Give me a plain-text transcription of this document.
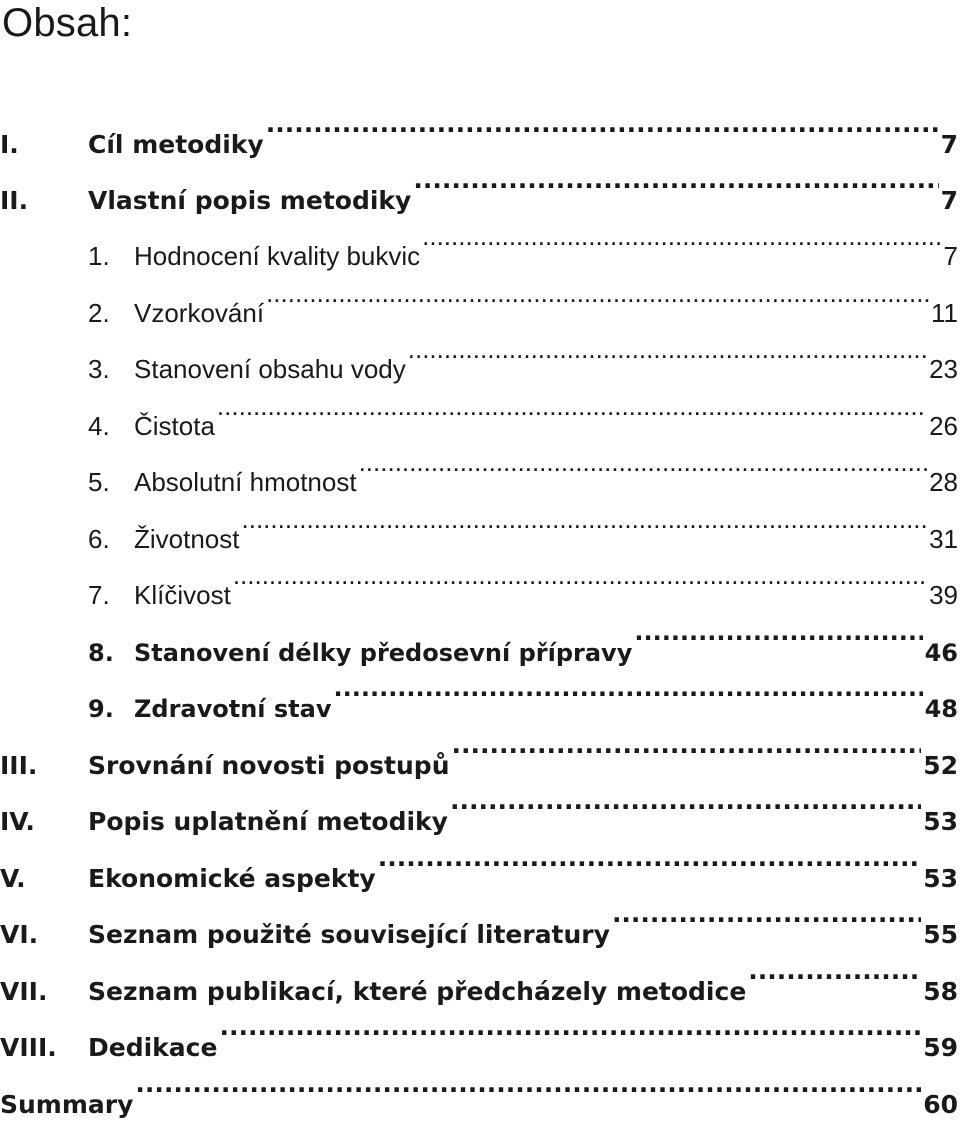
Obsah:
I.	Cíl metodiky .....	7
II.	Vlastní popis metodiky .....	7
1. Hodnocení kvality bukvic .....	7
2. Vzorkování .....	11
3. Stanovení obsahu vody .....	23
4. Čistota .....	26
5. Absolutní hmotnost .....	28
6. Životnost .....	31
7. Klíčivost .....	39
8. Stanovení délky předosevní přípravy .....	46
9. Zdravotní stav .....	48
III.	Srovnání novosti postupů .....	52
IV.	Popis uplatnění metodiky .....	53
V.	Ekonomické aspekty .....	53
VI.	Seznam použité související literatury .....	55
VII.	Seznam publikací, které předcházely metodice .....	58
VIII.	Dedikace .....	59
Summary .....	60
